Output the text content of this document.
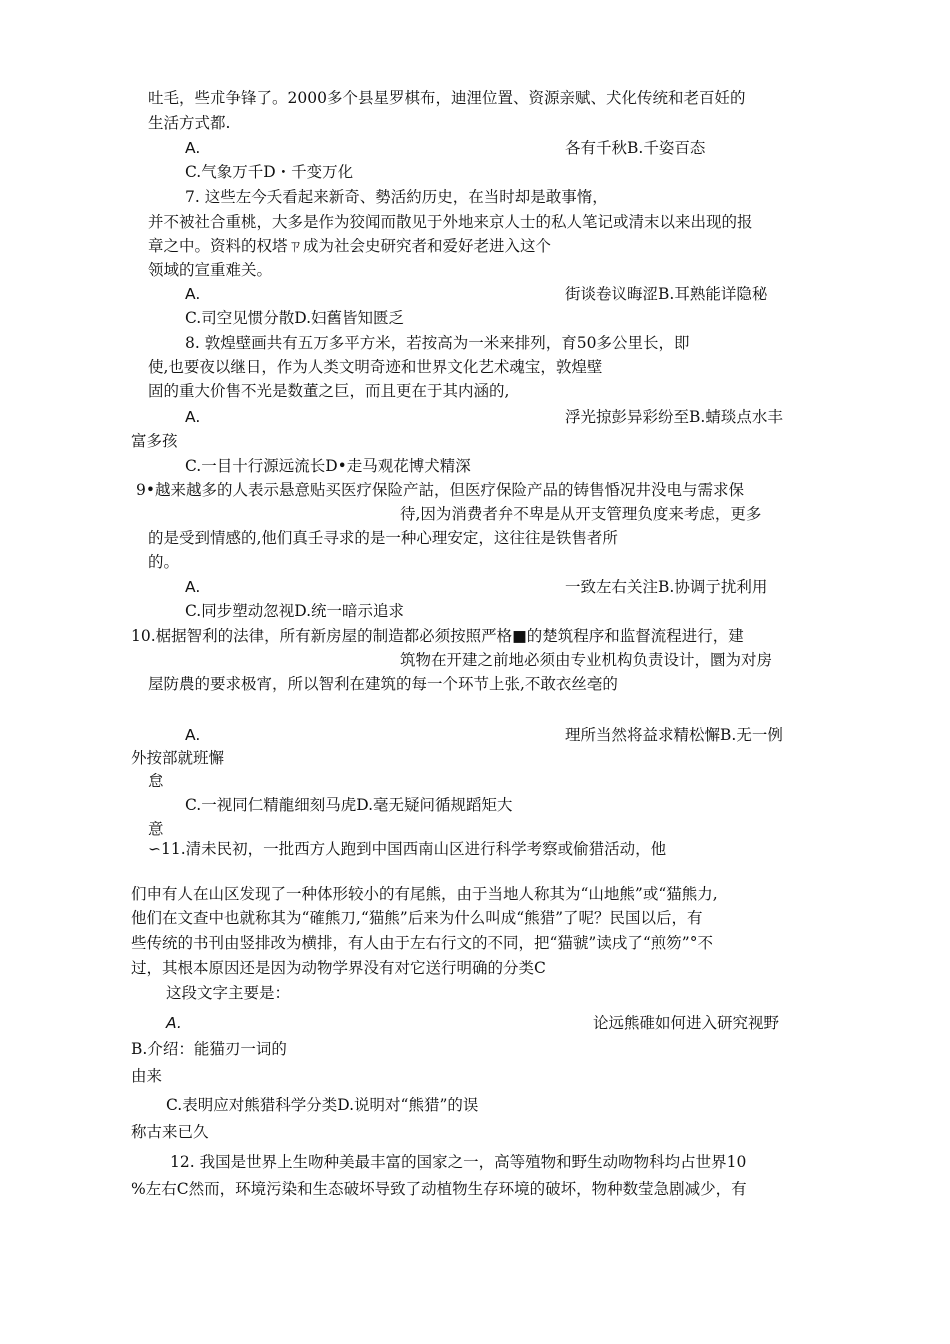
吐毛，些朮争锋了。2000多个县星罗棋布，迪浬位置、资源亲赋、犬化传统和老百妊的
生活方式都.
A.	各有千秋B.千姿百态
C.气象万千D・千变万化
7. 这些左今夭看起来新奇、勢活約历史，在当时却是敢事惰，
并不被社合重桃，大多是作为狡闻而散见于外地来京人士的私人笔记或清末以来出现的报
章之中。资料的权塔ㄗ成为社会史研究者和爱好老进入这个
领域的宣重难关。
A.	街谈卷议晦涩B.耳熟能详隐秘
C.司空见惯分散D.妇舊皆知匮乏
8. 敦煌壁画共有五万多平方米，若按高为一米来排列，育50多公里长，即
使,也要夜以继日，作为人类文明奇迹和世界文化艺术魂宝，敦煌壁
固的重大价售不光是数董之巨，而且更在于其内涵的,
A.	浮光掠彭异彩纷至B.蜻琰点水丰
富多孩
C.一目十行源远流长D•走马观花博犬精深
9•越来越多的人表示悬意贴买医疗保险产詁，但医疗保险产品的铸售惛况井没电与需求保
待,因为消费者弁不卑是从开支管理负度来考虑，更多
的是受到情感的,他们真壬寻求的是一种心理安定，这往往是铁售者所
的。
A.	一致左右关注B.协调亍扰利用
C.同步塑动忽视D.统一暗示追求
10.椐据智利的法律，所有新房屋的制造都必须按照严格■的楚筑程序和监督流程进行，建
筑物在开建之前地必须由专业机构负责设计，圜为对房
屋防農的要求极宵，所以智利在建筑的每一个环节上张,不敢衣丝亳的
A.	理所当然将益求精松懈B.无一例
外按部就班懈
怠
C.一视同仁精龍细刻马虎D.毫无疑问循规蹈矩大
意
∽11.清未民初，一批西方人跑到中国西南山区进行科学考察或偷猎活动，他
们申有人在山区发现了一种体形较小的有尾熊，由于当地人称其为“山地熊”或“猫熊力,
他们在文查中也就称其为“確熊刀,“猫熊”后来为什么叫成“熊猎”了呢？民国以后，有
些传统的书刊由竖排改为横排，有人由于左右行文的不同，把“猫虢”读戌了“煎笏”°不
过，其根本原因还是因为动物学界没有对它送行明确的分类C
这段文字主要是：
A.	论远熊碓如何进入研究视野
B.介绍：能猫刃一词的
由来
C.表明应对熊猎科学分类D.说明对“熊猎”的误
称古来已久
12. 我国是世界上生吻种美最丰富的国家之一，高等殖物和野生动吻物科均占世界10
%左右C然而，环境污染和生态破坏导致了动植物生存环境的破坏，物种数莹急剧减少，有
